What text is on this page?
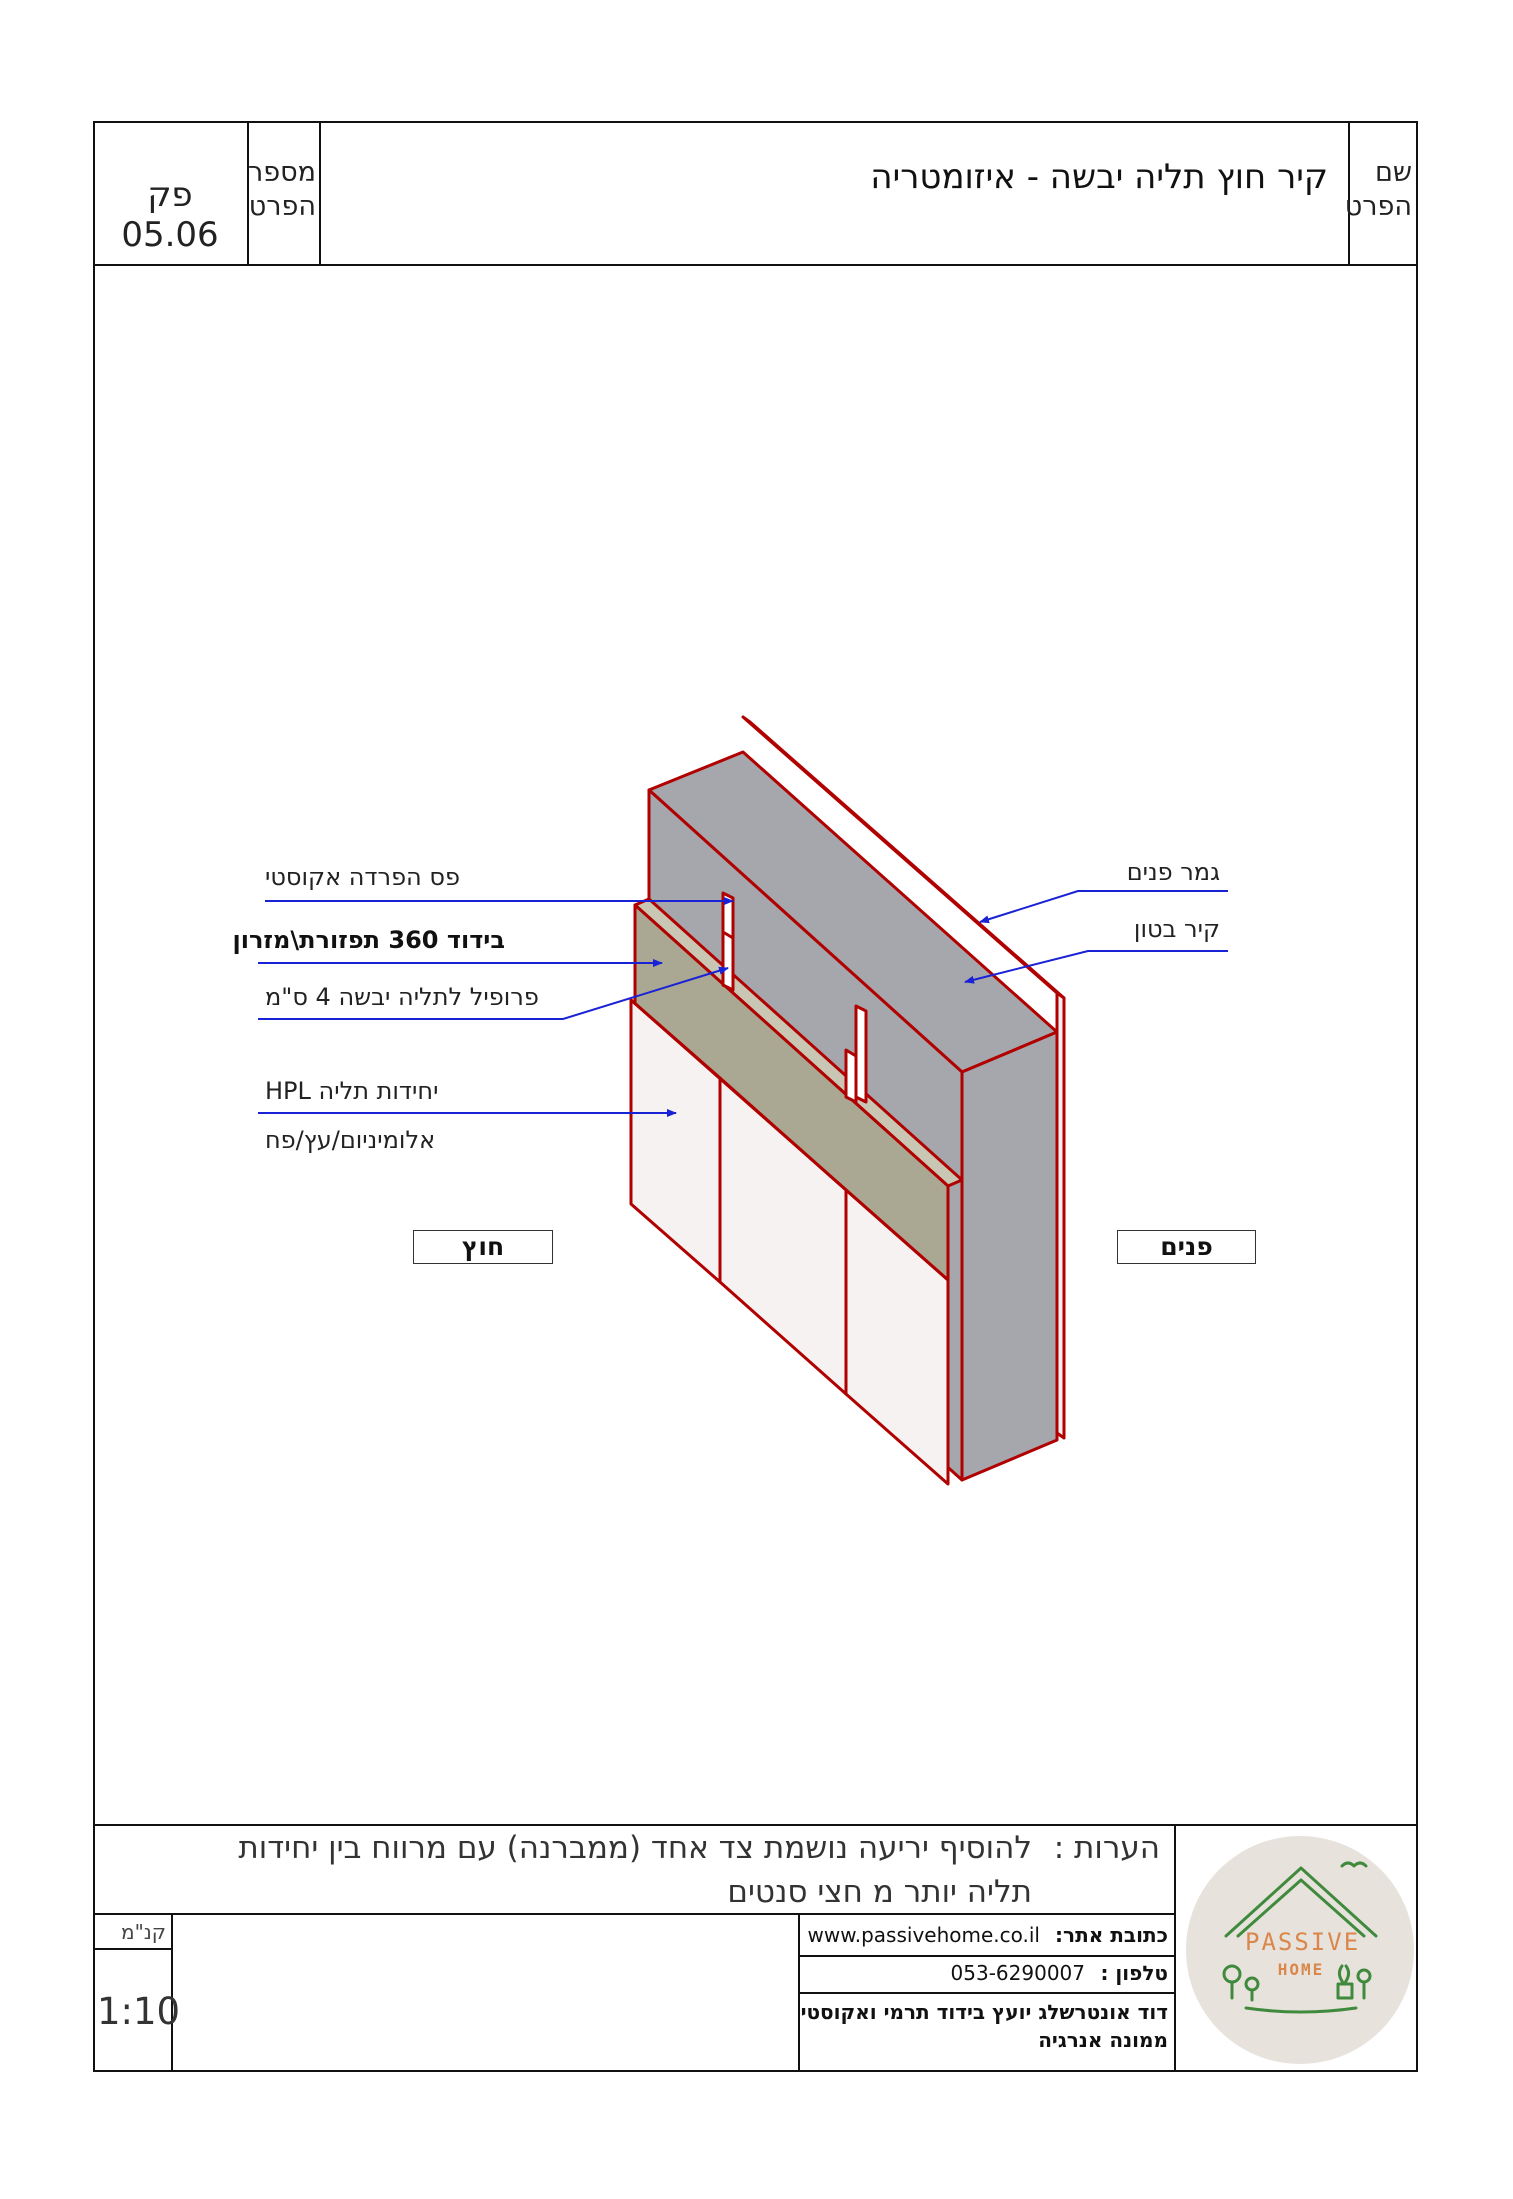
שם הפרט
קיר חוץ תליה יבשה - איזומטריה
מספר הפרט
פק 05.06
פס הפרדה אקוסטי
בידוד 360 תפזורת\מזרון
פרופיל לתליה יבשה 4 ס"מ
יחידות תליה HPL
אלומיניום/עץ/פח
גמר פנים
קיר בטון
חוץ	פנים
הערות :
להוסיף יריעה נושמת צד אחד (ממברנה) עם מרווח בין יחידות
תליה יותר מ חצי סנטים
קנ"מ
1:10
כתובת אתר:
www.passivehome.co.il
טלפון :
053-6290007
דוד אונטרשלג יועץ בידוד תרמי ואקוסטי
ממונה אנרגיה
PASSIVE
HOME
